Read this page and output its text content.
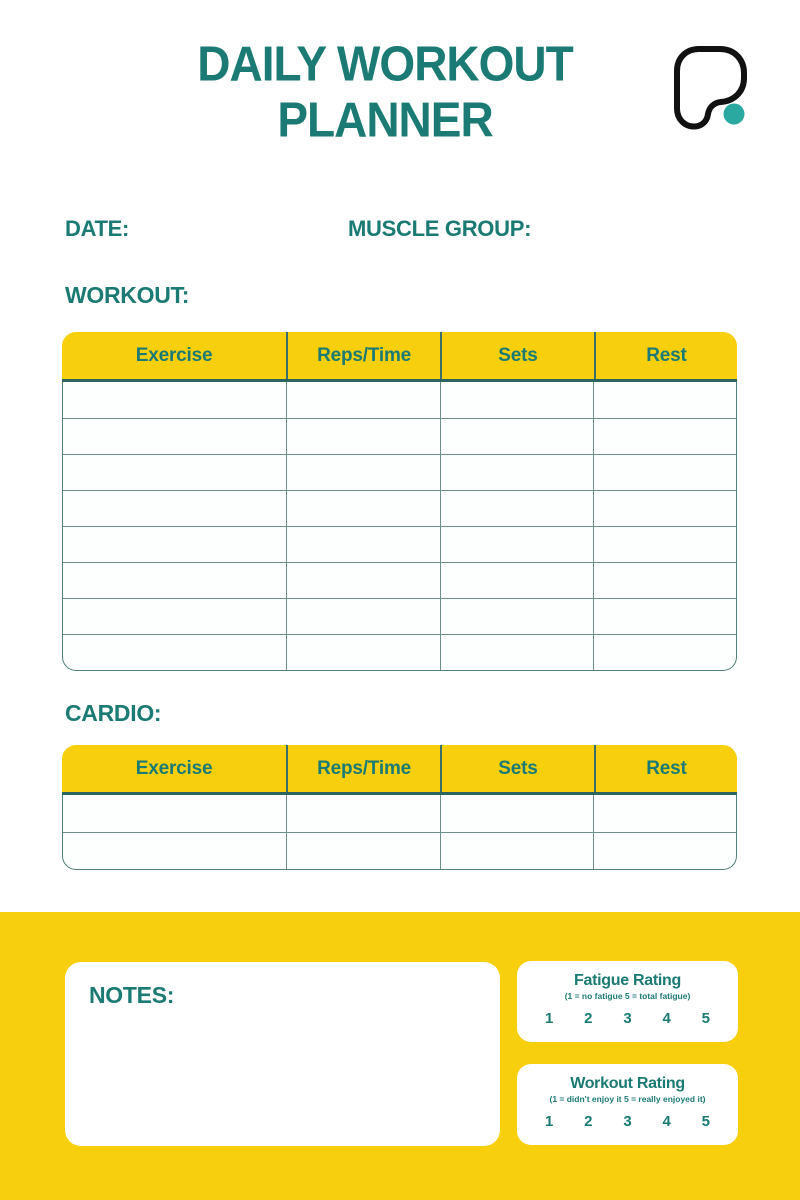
DAILY WORKOUT
PLANNER
DATE:	MUSCLE GROUP:
WORKOUT:
Exercise	Reps/Time	Sets	Rest
CARDIO:
Exercise	Reps/Time	Sets	Rest
NOTES:
Fatigue Rating
(1 = no fatigue 5 = total fatigue)
1 2 3 4 5
Workout Rating
(1 = didn't enjoy it 5 = really enjoyed it)
1 2 3 4 5
